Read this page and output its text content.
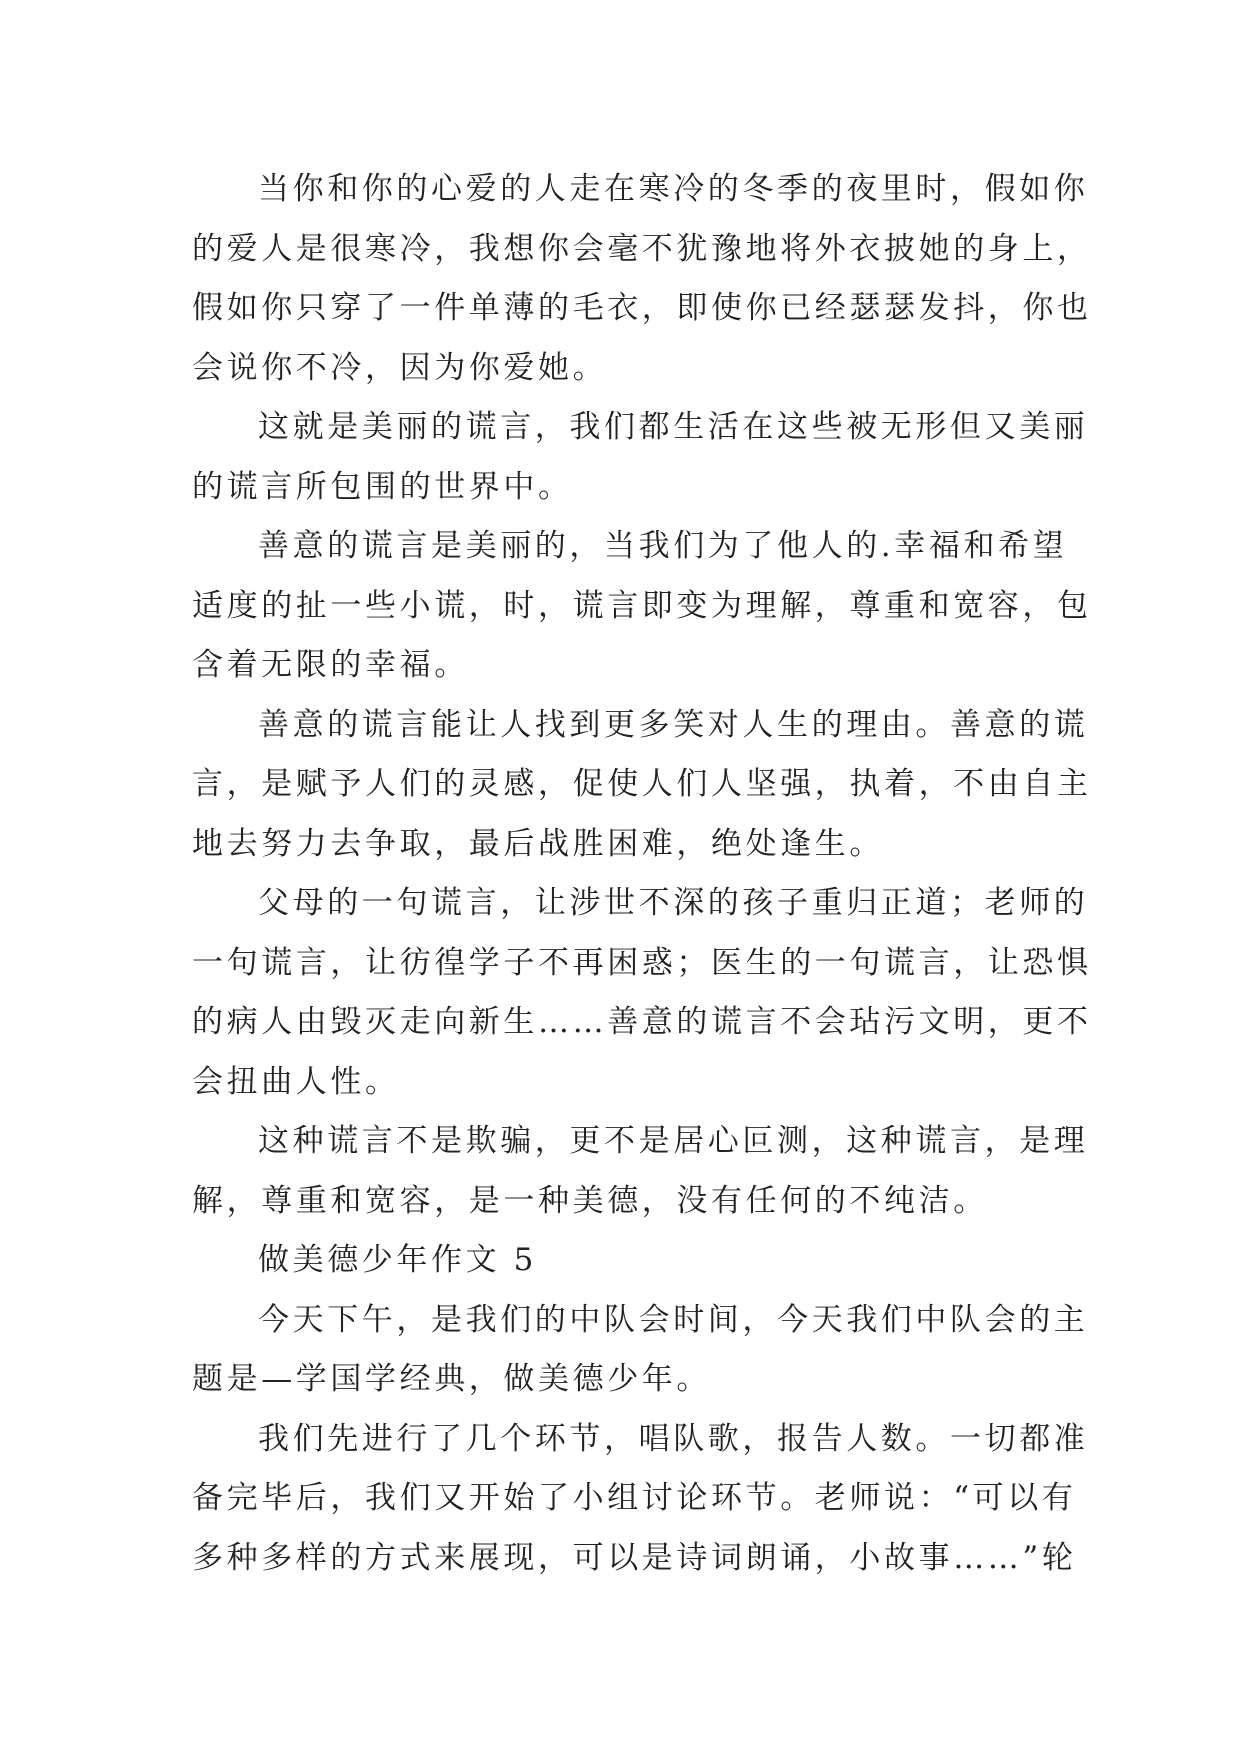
当你和你的心爱的人走在寒冷的冬季的夜里时，假如你
的爱人是很寒冷，我想你会毫不犹豫地将外衣披她的身上，
假如你只穿了一件单薄的毛衣，即使你已经瑟瑟发抖，你也
会说你不冷，因为你爱她。
这就是美丽的谎言，我们都生活在这些被无形但又美丽
的谎言所包围的世界中。
善意的谎言是美丽的，当我们为了他人的.幸福和希望
适度的扯一些小谎，时，谎言即变为理解，尊重和宽容，包
含着无限的幸福。
善意的谎言能让人找到更多笑对人生的理由。善意的谎
言，是赋予人们的灵感，促使人们人坚强，执着，不由自主
地去努力去争取，最后战胜困难，绝处逢生。
父母的一句谎言，让涉世不深的孩子重归正道；老师的
一句谎言，让彷徨学子不再困惑；医生的一句谎言，让恐惧
的病人由毁灭走向新生……善意的谎言不会玷污文明，更不
会扭曲人性。
这种谎言不是欺骗，更不是居心叵测，这种谎言，是理
解，尊重和宽容，是一种美德，没有任何的不纯洁。
做美德少年作文 5
今天下午，是我们的中队会时间，今天我们中队会的主
题是—学国学经典，做美德少年。
我们先进行了几个环节，唱队歌，报告人数。一切都准
备完毕后，我们又开始了小组讨论环节。老师说：“可以有
多种多样的方式来展现，可以是诗词朗诵，小故事……”轮
